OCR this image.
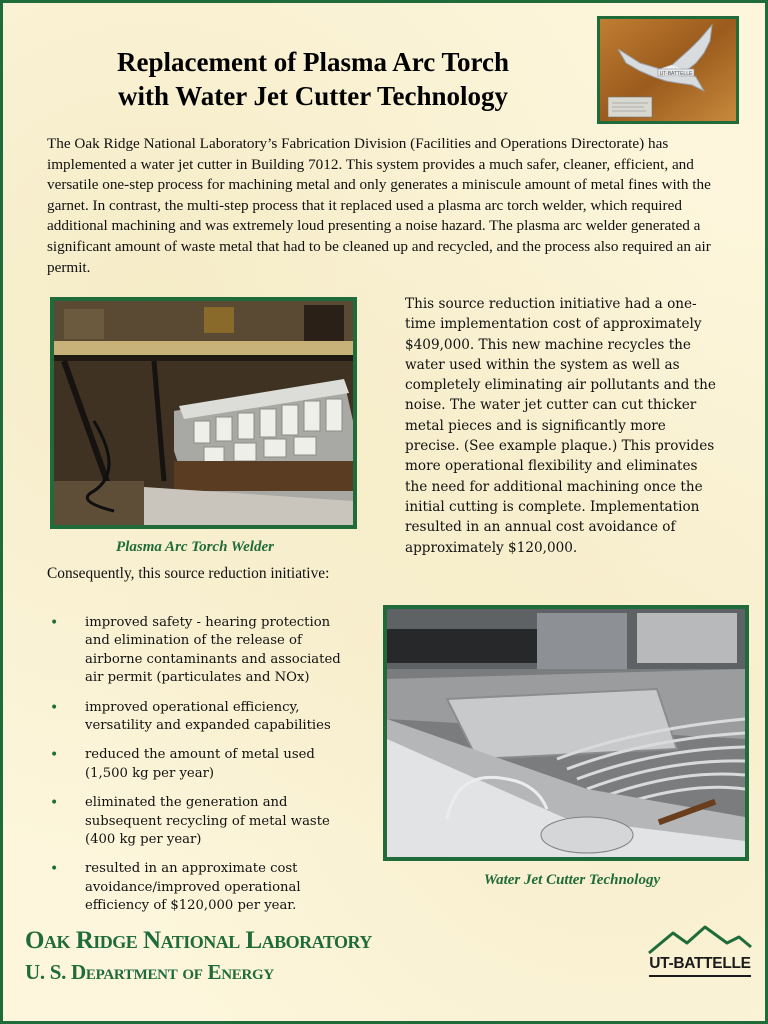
Replacement of Plasma Arc Torch
with Water Jet Cutter Technology
UT-BATTELLE
The Oak Ridge National Laboratory’s Fabrication Division (Facilities and Operations Directorate) has implemented a water jet cutter in Building 7012. This system provides a much safer, cleaner, efficient, and versatile one-step process for machining metal and only generates a miniscule amount of metal fines with the garnet. In contrast, the multi-step process that it replaced used a plasma arc torch welder, which required additional machining and was extremely loud presenting a noise hazard. The plasma arc welder generated a significant amount of waste metal that had to be cleaned up and recycled, and the process also required an air permit.
Plasma Arc Torch Welder
This source reduction initiative had a one-time implementation cost of approximately $409,000. This new machine recycles the water used within the system as well as completely eliminating air pollutants and the noise. The water jet cutter can cut thicker metal pieces and is significantly more precise. (See example plaque.) This provides more operational flexibility and eliminates the need for additional machining once the initial cutting is complete. Implementation resulted in an annual cost avoidance of approximately $120,000.
Consequently, this source reduction initiative:
• improved safety - hearing protection and elimination of the release of airborne contaminants and associated air permit (particulates and NOx)
• improved operational efficiency, versatility and expanded capabilities
• reduced the amount of metal used (1,500 kg per year)
• eliminated the generation and subsequent recycling of metal waste (400 kg per year)
• resulted in an approximate cost avoidance/improved operational efficiency of $120,000 per year.
Water Jet Cutter Technology
Oak Ridge National Laboratory
U. S. Department of Energy	UT-BATTELLE
